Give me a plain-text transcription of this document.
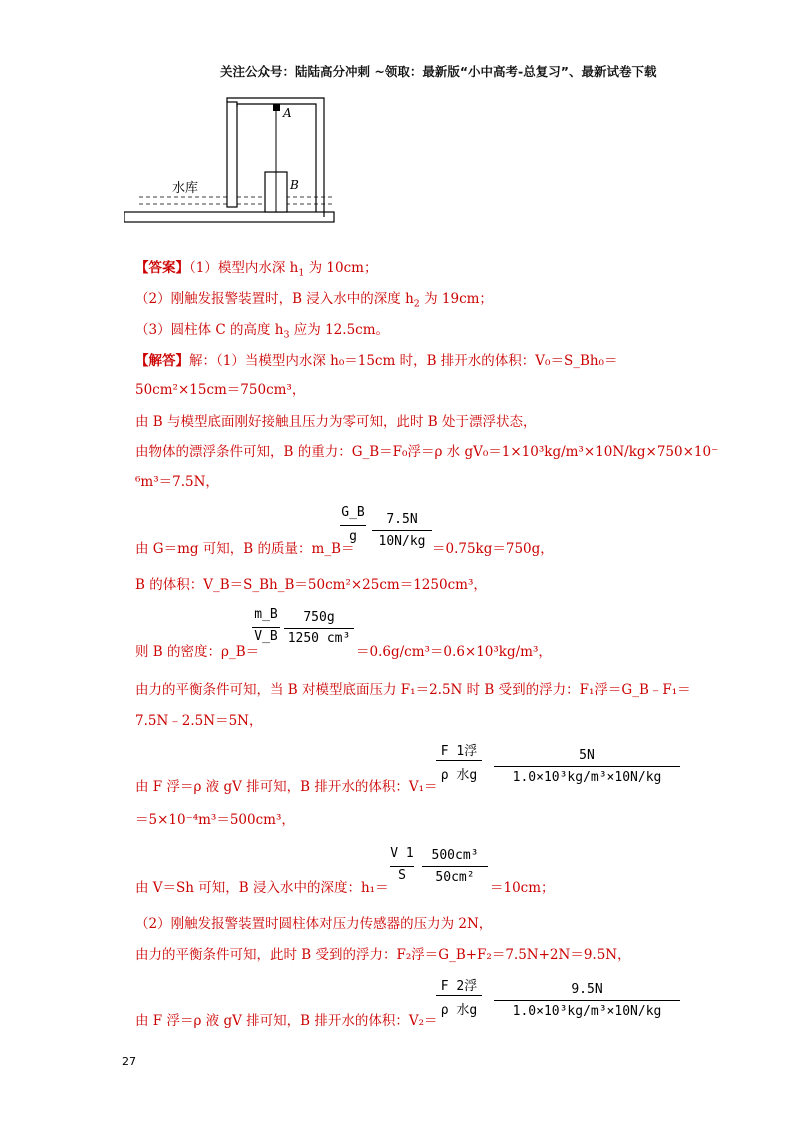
关注公众号：陆陆高分冲刺 ~领取：最新版“小中高考-总复习”、最新试卷下载
A
B
水库
【答案】（1）模型内水深 $h_1$ 为 10cm；
（2）刚触发报警装置时，B 浸入水中的深度 $h_2$ 为 19cm；
（3）圆柱体 C 的高度 $h_3$ 应为 12.5cm。
【解答】解：（1）当模型内水深 h₀＝15cm 时，B 排开水的体积：V₀＝S_Bh₀＝
50cm²×15cm＝750cm³，
由 B 与模型底面刚好接触且压力为零可知，此时 B 处于漂浮状态，
由物体的漂浮条件可知，B 的重力：G_B＝F₀浮＝ρ 水 gV₀＝1×10³kg/m³×10N/kg×750×10⁻
⁶m³＝7.5N，
由 G＝mg 可知，B 的质量：m_B＝
G_B
g
7.5N
10N/kg ＝0.75kg＝750g，
B 的体积：V_B＝S_Bh_B＝50cm²×25cm＝1250cm³，
则 B 的密度：ρ_B＝
m_B
V_B
750g
1250 cm³
＝0.6g/cm³＝0.6×10³kg/m³，
由力的平衡条件可知，当 B 对模型底面压力 F₁＝2.5N 时 B 受到的浮力：F₁浮＝G_B﹣F₁＝
7.5N﹣2.5N＝5N，
由 F 浮＝ρ 液 gV 排可知，B 排开水的体积：V₁＝
F 1浮
ρ 水g
5N
1.0×10³kg/m³×10N/kg
＝5×10⁻⁴m³＝500cm³，
由 V＝Sh 可知，B 浸入水中的深度：h₁＝
V 1
S
500cm³
50cm²
＝10cm；
（2）刚触发报警装置时圆柱体对压力传感器的压力为 2N，
由力的平衡条件可知，此时 B 受到的浮力：F₂浮＝G_B+F₂＝7.5N+2N＝9.5N，
由 F 浮＝ρ 液 gV 排可知，B 排开水的体积：V₂＝
F 2浮
ρ 水g
9.5N
1.0×10³kg/m³×10N/kg
27
